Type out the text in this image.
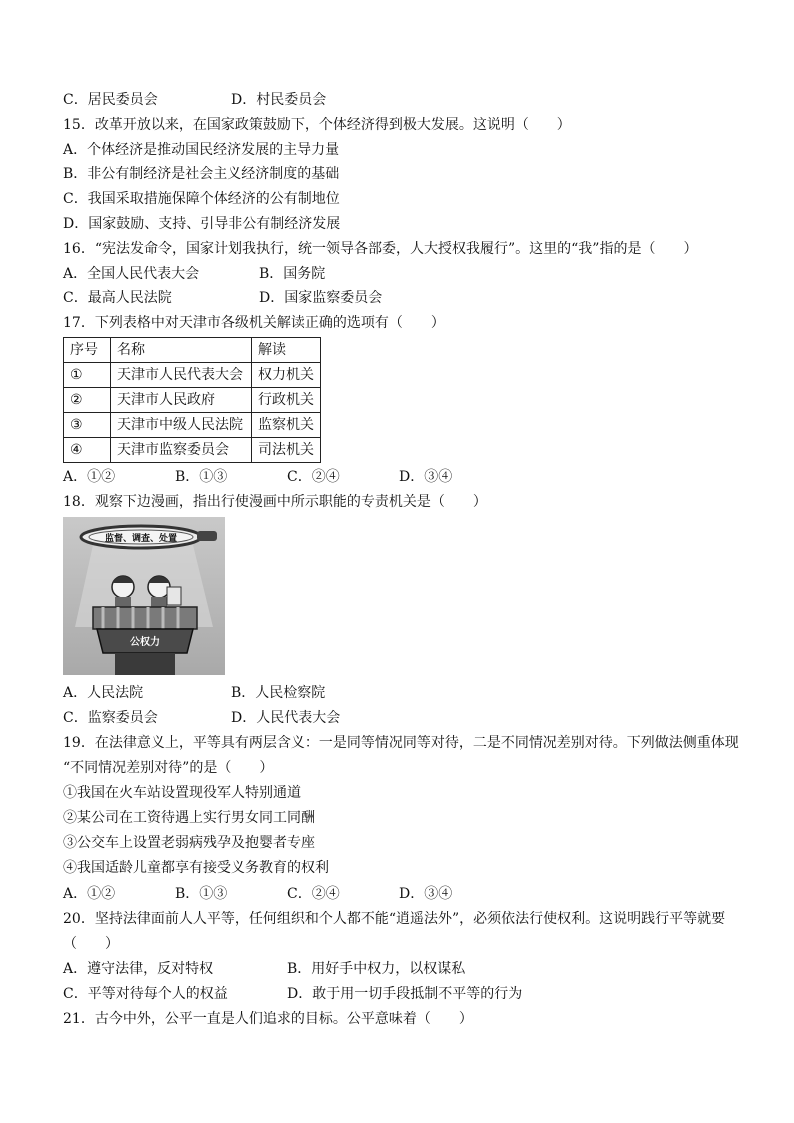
C．居民委员会	D．村民委员会
15．改革开放以来，在国家政策鼓励下，个体经济得到极大发展。这说明（　　）
A．个体经济是推动国民经济发展的主导力量
B．非公有制经济是社会主义经济制度的基础
C．我国采取措施保障个体经济的公有制地位
D．国家鼓励、支持、引导非公有制经济发展
16．“宪法发命令，国家计划我执行，统一领导各部委，人大授权我履行”。这里的“我”指的是（　　）
A．全国人民代表大会	B．国务院
C．最高人民法院	D．国家监察委员会
17．下列表格中对天津市各级机关解读正确的选项有（　　）
序号	名称	解读
①	天津市人民代表大会	权力机关
②	天津市人民政府	行政机关
③	天津市中级人民法院	监察机关
④	天津市监察委员会	司法机关
A．①②	B．①③	C．②④	D．③④
18．观察下边漫画，指出行使漫画中所示职能的专责机关是（　　）
监督、调查、处置
公权力
A．人民法院	B．人民检察院
C．监察委员会	D．人民代表大会
19．在法律意义上，平等具有两层含义：一是同等情况同等对待，二是不同情况差别对待。下列做法侧重体现
“不同情况差别对待”的是（　　）
①我国在火车站设置现役军人特别通道
②某公司在工资待遇上实行男女同工同酬
③公交车上设置老弱病残孕及抱婴者专座
④我国适龄儿童都享有接受义务教育的权利
A．①②	B．①③	C．②④	D．③④
20．坚持法律面前人人平等，任何组织和个人都不能“逍遥法外”，必须依法行使权利。这说明践行平等就要
（　　）
A．遵守法律，反对特权	B．用好手中权力，以权谋私
C．平等对待每个人的权益	D．敢于用一切手段抵制不平等的行为
21．古今中外，公平一直是人们追求的目标。公平意味着（　　）
